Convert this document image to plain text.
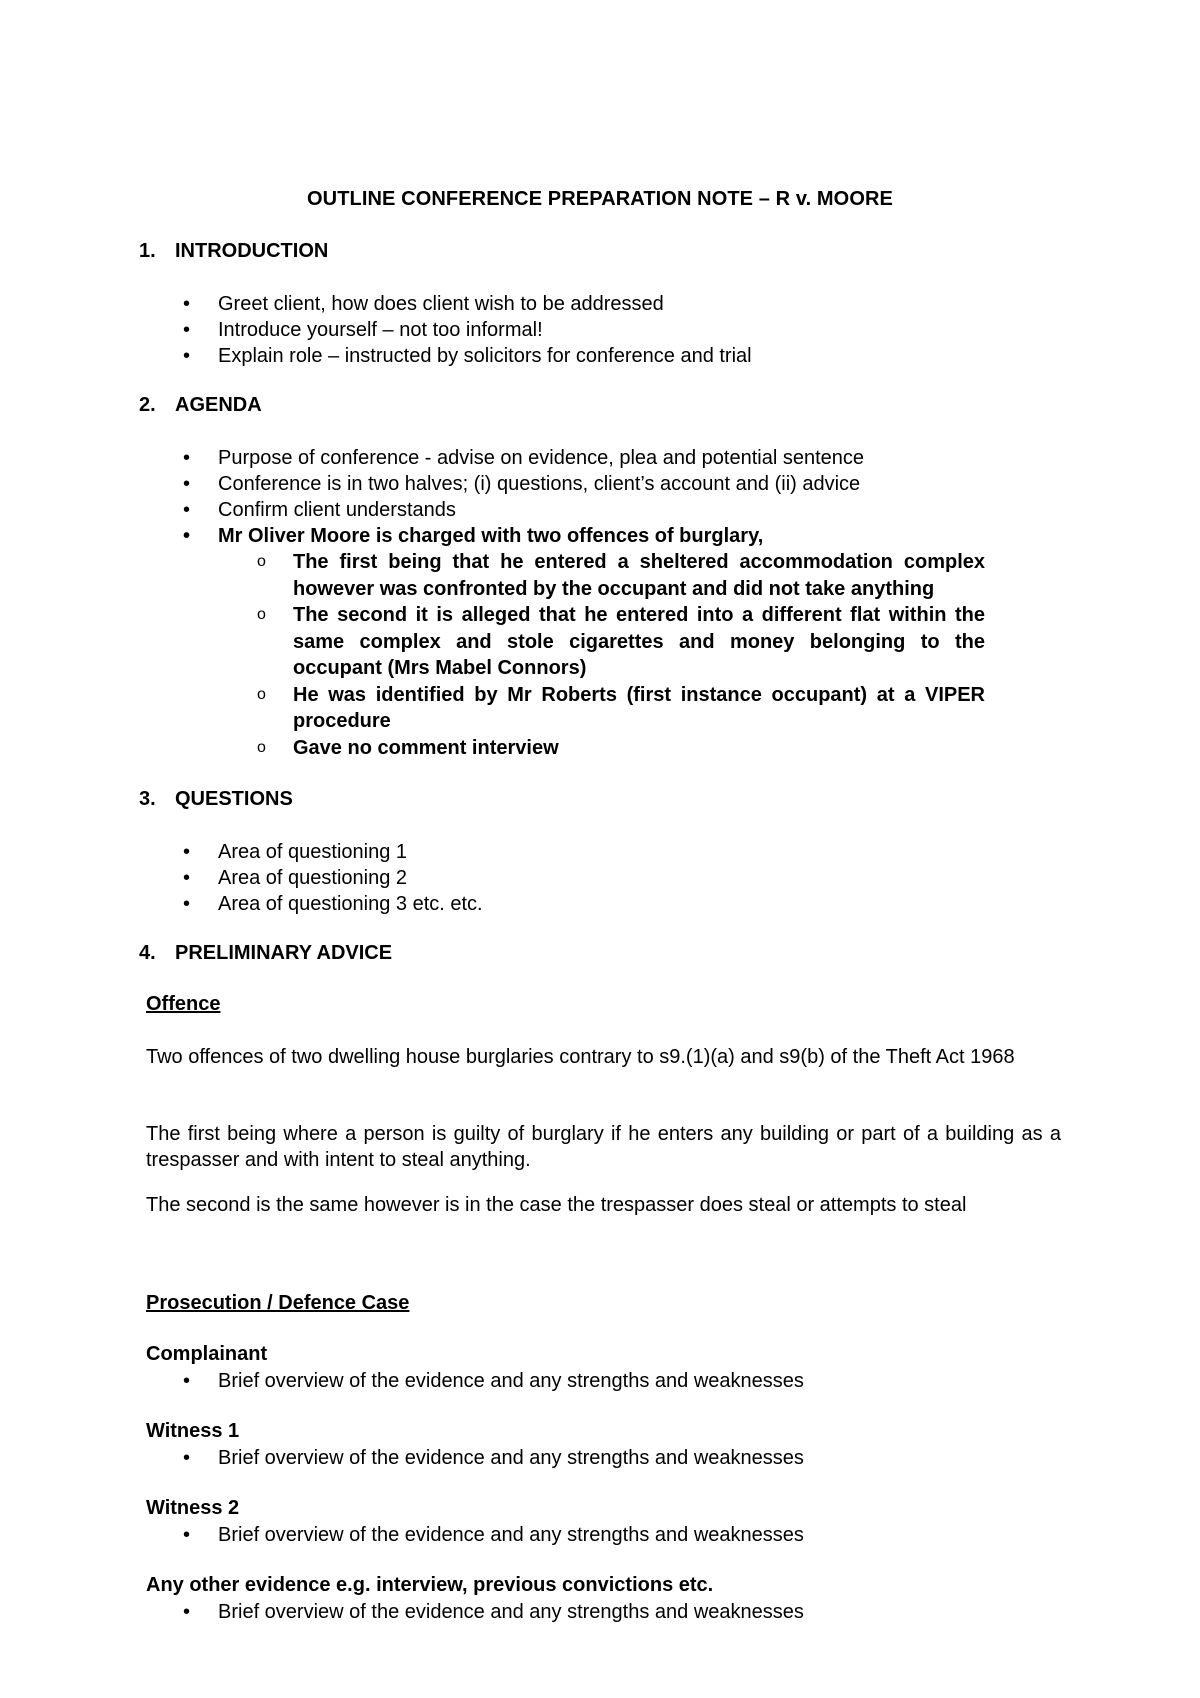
OUTLINE CONFERENCE PREPARATION NOTE – R v. MOORE
1. INTRODUCTION
• Greet client, how does client wish to be addressed
• Introduce yourself – not too informal!
• Explain role – instructed by solicitors for conference and trial
2. AGENDA
• Purpose of conference - advise on evidence, plea and potential sentence
• Conference is in two halves; (i) questions, client’s account and (ii) advice
• Confirm client understands
• Mr Oliver Moore is charged with two offences of burglary,
o The first being that he entered a sheltered accommodation complex however was confronted by the occupant and did not take anything
o The second it is alleged that he entered into a different flat within the same complex and stole cigarettes and money belonging to the occupant (Mrs Mabel Connors)
o He was identified by Mr Roberts (first instance occupant) at a VIPER procedure
o Gave no comment interview
3. QUESTIONS
• Area of questioning 1
• Area of questioning 2
• Area of questioning 3 etc. etc.
4. PRELIMINARY ADVICE
Offence

Two offences of two dwelling house burglaries contrary to s9.(1)(a) and s9(b) of the Theft Act 1968

The first being where a person is guilty of burglary if he enters any building or part of a building as a trespasser and with intent to steal anything.

The second is the same however is in the case the trespasser does steal or attempts to steal

Prosecution / Defence Case
Complainant
• Brief overview of the evidence and any strengths and weaknesses
Witness 1
• Brief overview of the evidence and any strengths and weaknesses
Witness 2
• Brief overview of the evidence and any strengths and weaknesses
Any other evidence e.g. interview, previous convictions etc.
• Brief overview of the evidence and any strengths and weaknesses
